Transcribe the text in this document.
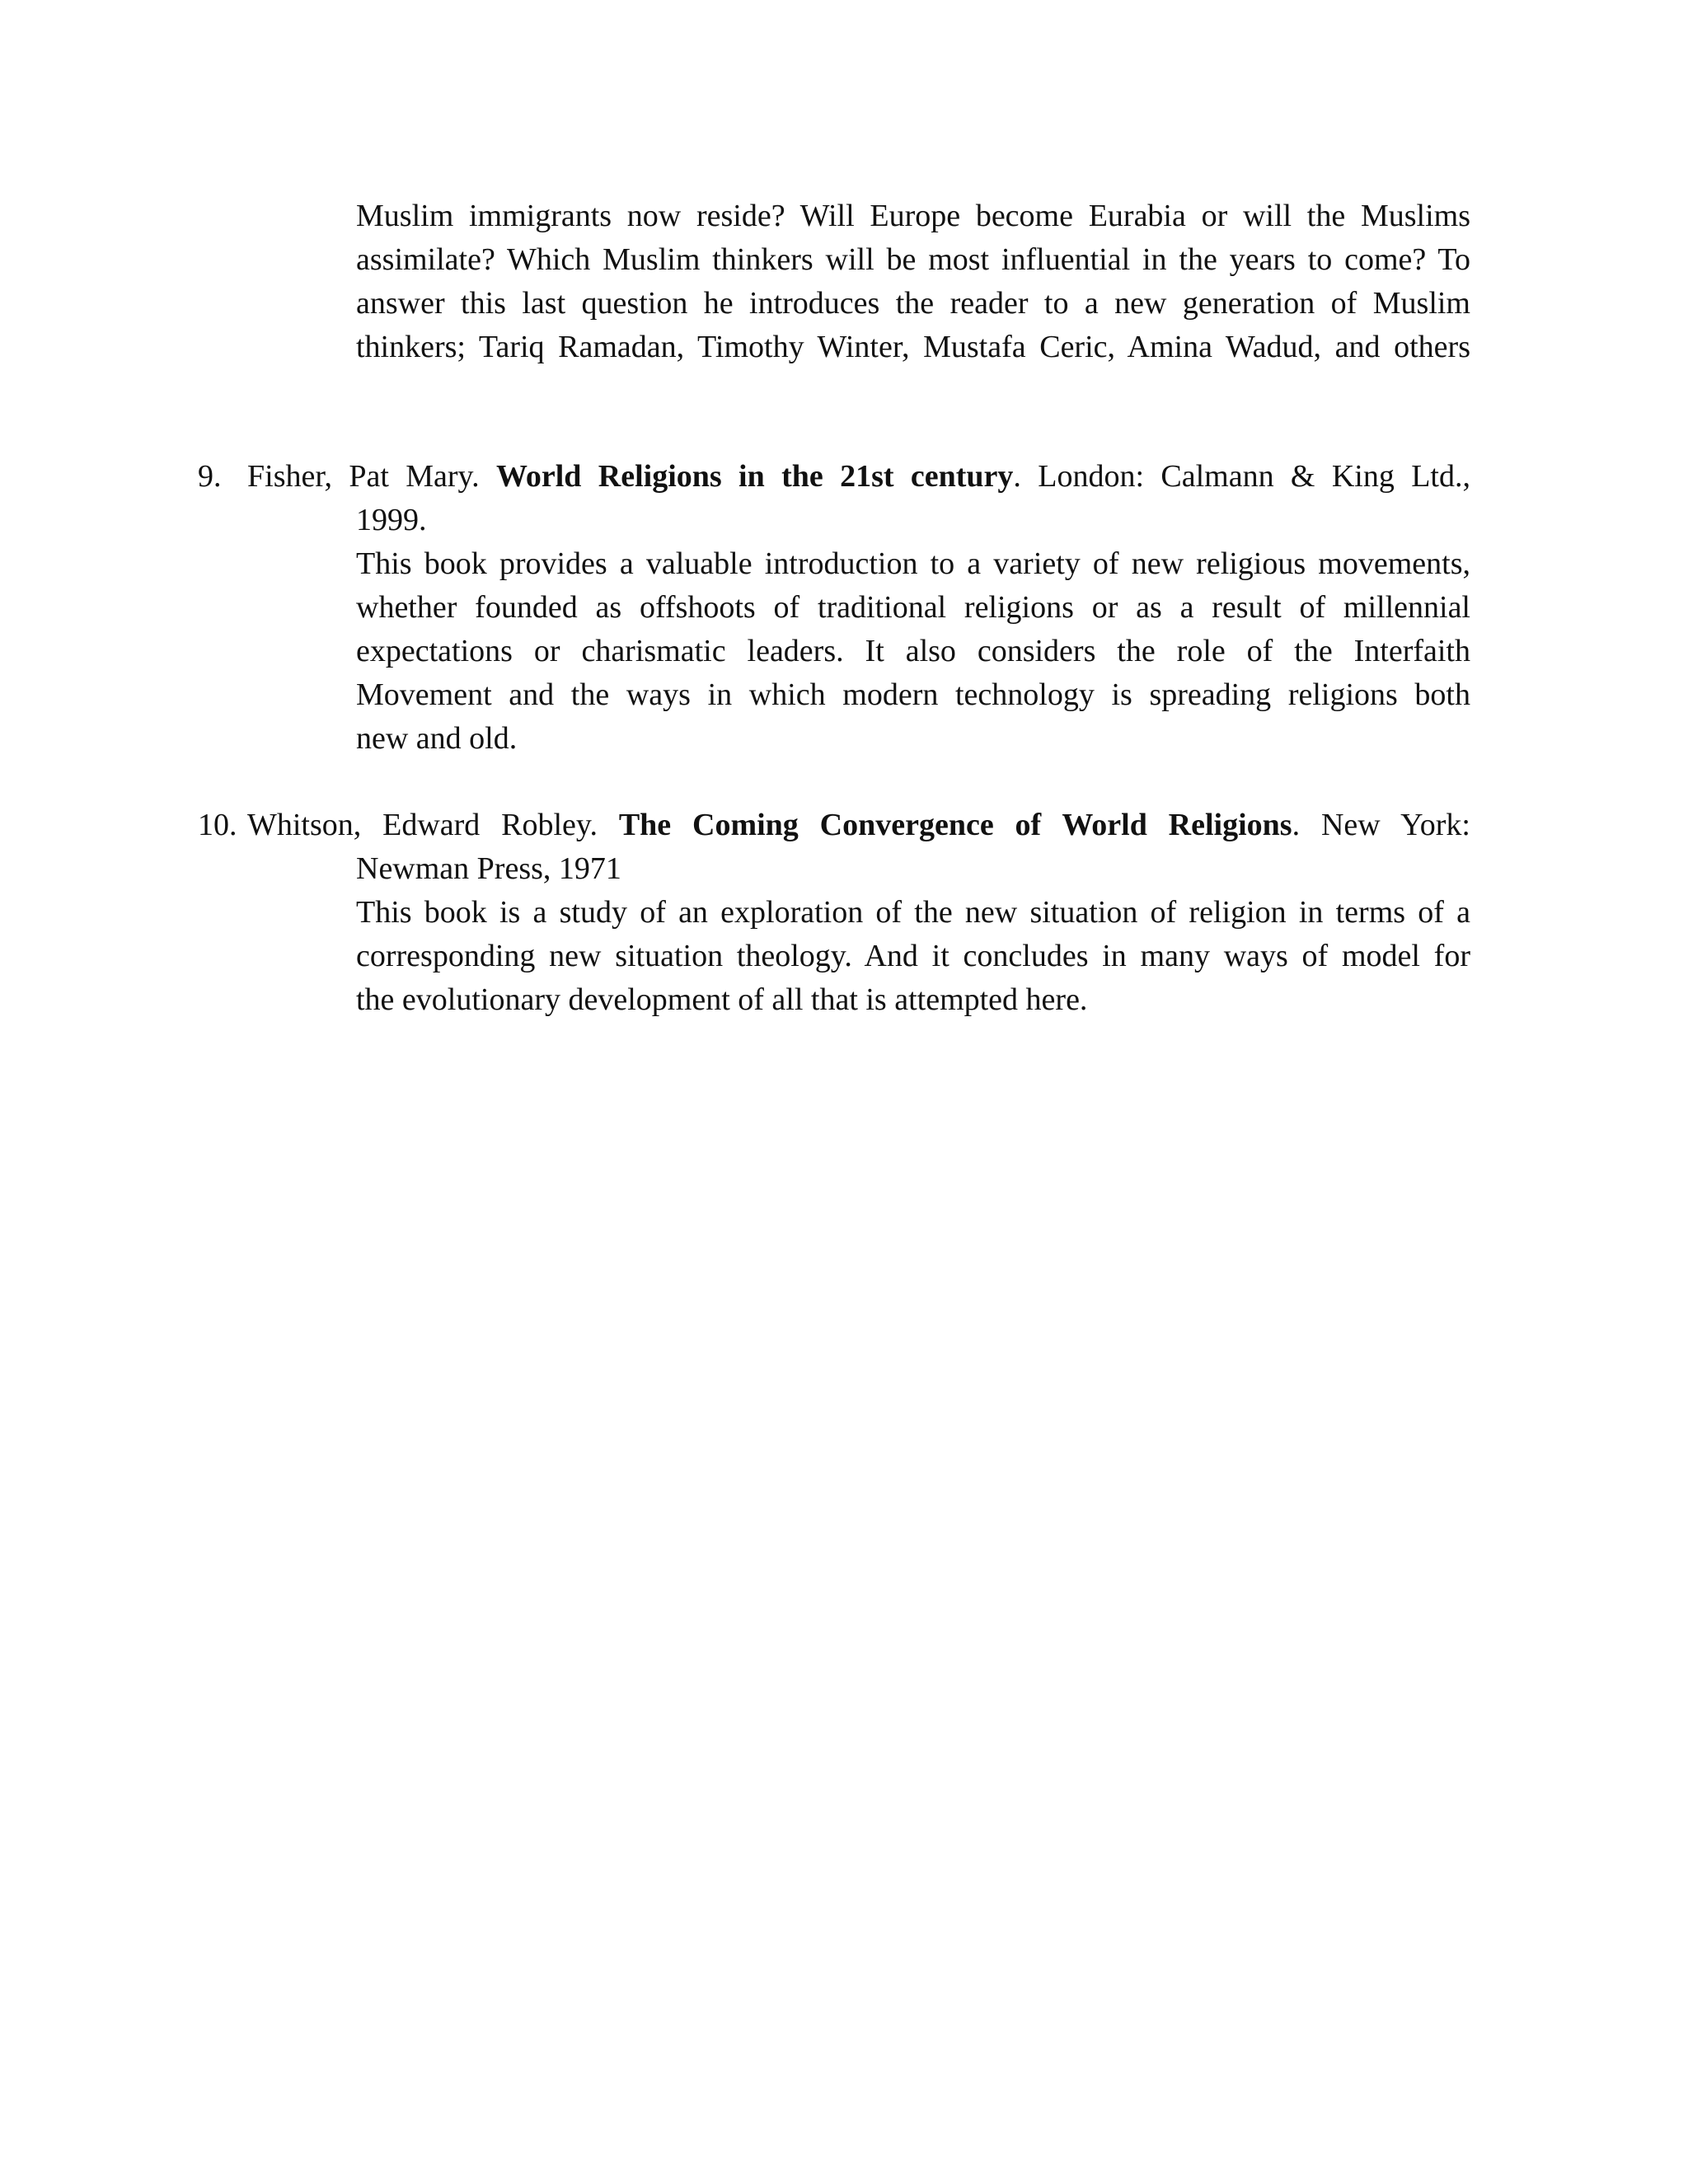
Muslim immigrants now reside? Will Europe become Eurabia or will the Muslims
assimilate? Which Muslim thinkers will be most influential in the years to come? To
answer this last question he introduces the reader to a new generation of Muslim
thinkers; Tariq Ramadan, Timothy Winter, Mustafa Ceric, Amina Wadud, and others
9. Fisher, Pat Mary. World Religions in the 21st century. London: Calmann & King Ltd.,
1999.
This book provides a valuable introduction to a variety of new religious movements,
whether founded as offshoots of traditional religions or as a result of millennial
expectations or charismatic leaders. It also considers the role of the Interfaith
Movement and the ways in which modern technology is spreading religions both
new and old.
10. Whitson, Edward Robley. The Coming Convergence of World Religions. New York:
Newman Press, 1971
This book is a study of an exploration of the new situation of religion in terms of a
corresponding new situation theology. And it concludes in many ways of model for
the evolutionary development of all that is attempted here.
